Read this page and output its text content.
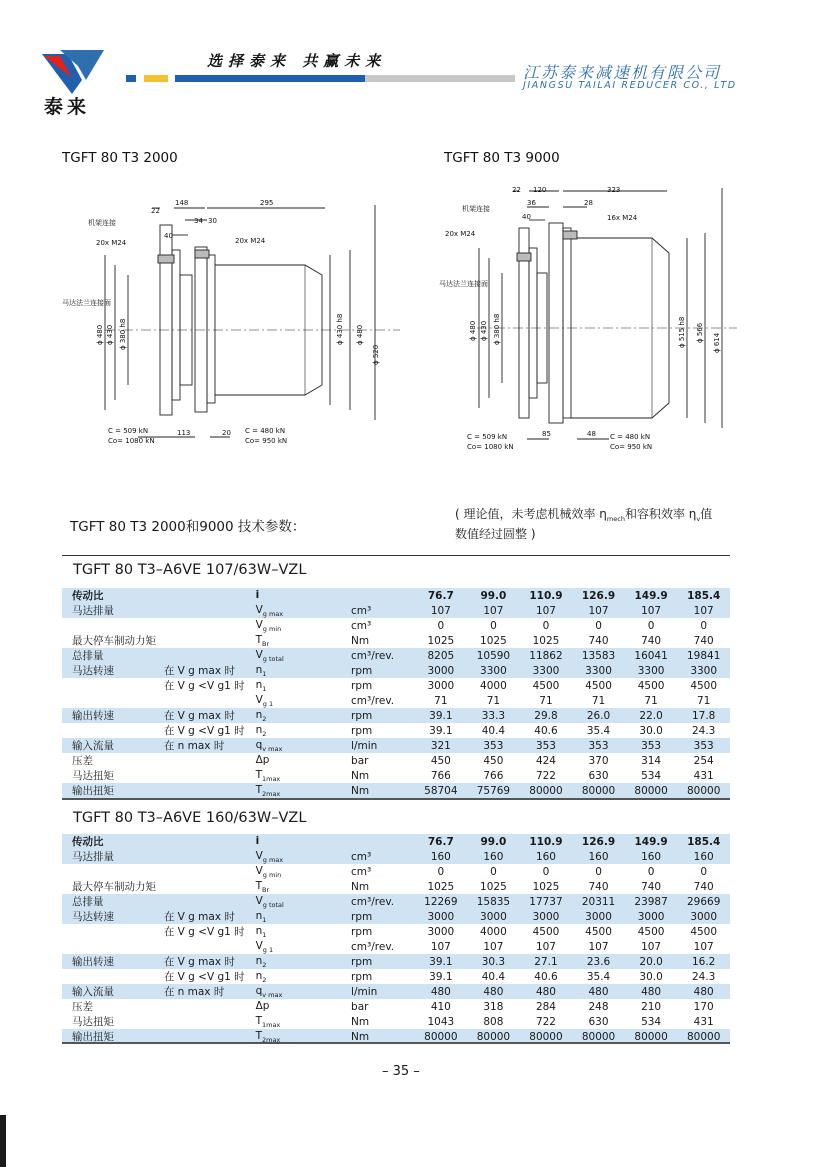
泰来
选择泰来 共赢未来
江苏泰来减速机有限公司
JIANGSU TAILAI REDUCER CO., LTD
TGFT 80 T3 2000	TGFT 80 T3 9000
22
148	295
34 30
40
机架连接
20x M24	20x M24
马达法兰连接面
ϕ 480 ϕ 430 ϕ 380 h8	ϕ 430 h8 ϕ 480
ϕ 520
113	20
C = 509 kN
Co= 1080 kN
C = 480 kN
Co= 950 kN
22 120	323
36	28
40
机架连接
20x M24
16x M24
马达法兰连接面
ϕ 480 ϕ 430 ϕ 380 h8	ϕ 515 h8 ϕ 566 ϕ 614
85	48
C = 509 kN
Co= 1080 kN
C = 480 kN
Co= 950 kN
TGFT 80 T3 2000和9000 技术参数：
( 理论值，未考虑机械效率 $\eta_{mech}$和容积效率 $\eta_v$值
数值经过圆整 )
TGFT 80 T3–A6VE 107/63W–VZL
传动比		i		76.7	99.0	110.9	126.9	149.9	185.4
马达排量		$V_{g max}$	cm³	107	107	107	107	107	107
		$V_{g min}$	cm³	0	0	0	0	0	0
最大停车制动力矩		$T_{Br}$	Nm	1025	1025	1025	740	740	740
总排量		$V_{g total}$	cm³/rev.	8205	10590	11862	13583	16041	19841
马达转速	在 V g max 时	$n_1$	rpm	3000	3300	3300	3300	3300	3300
	在 V g <V g1 时	$n_1$	rpm	3000	4000	4500	4500	4500	4500
		$V_{g 1}$	cm³/rev.	71	71	71	71	71	71
输出转速	在 V g max 时	$n_2$	rpm	39.1	33.3	29.8	26.0	22.0	17.8
	在 V g <V g1 时	$n_2$	rpm	39.1	40.4	40.6	35.4	30.0	24.3
输入流量	在 n max 时	$q_{v max}$	l/min	321	353	353	353	353	353
压差		Δp	bar	450	450	424	370	314	254
马达扭矩		$T_{1max}$	Nm	766	766	722	630	534	431
输出扭矩		$T_{2max}$	Nm	58704	75769	80000	80000	80000	80000
TGFT 80 T3–A6VE 160/63W–VZL
传动比		i		76.7	99.0	110.9	126.9	149.9	185.4
马达排量		$V_{g max}$	cm³	160	160	160	160	160	160
		$V_{g min}$	cm³	0	0	0	0	0	0
最大停车制动力矩		$T_{Br}$	Nm	1025	1025	1025	740	740	740
总排量		$V_{g total}$	cm³/rev.	12269	15835	17737	20311	23987	29669
马达转速	在 V g max 时	$n_1$	rpm	3000	3000	3000	3000	3000	3000
	在 V g <V g1 时	$n_1$	rpm	3000	4000	4500	4500	4500	4500
		$V_{g 1}$	cm³/rev.	107	107	107	107	107	107
输出转速	在 V g max 时	$n_2$	rpm	39.1	30.3	27.1	23.6	20.0	16.2
	在 V g <V g1 时	$n_2$	rpm	39.1	40.4	40.6	35.4	30.0	24.3
输入流量	在 n max 时	$q_{v max}$	l/min	480	480	480	480	480	480
压差		Δp	bar	410	318	284	248	210	170
马达扭矩		$T_{1max}$	Nm	1043	808	722	630	534	431
输出扭矩		$T_{2max}$	Nm	80000	80000	80000	80000	80000	80000
– 35 –
